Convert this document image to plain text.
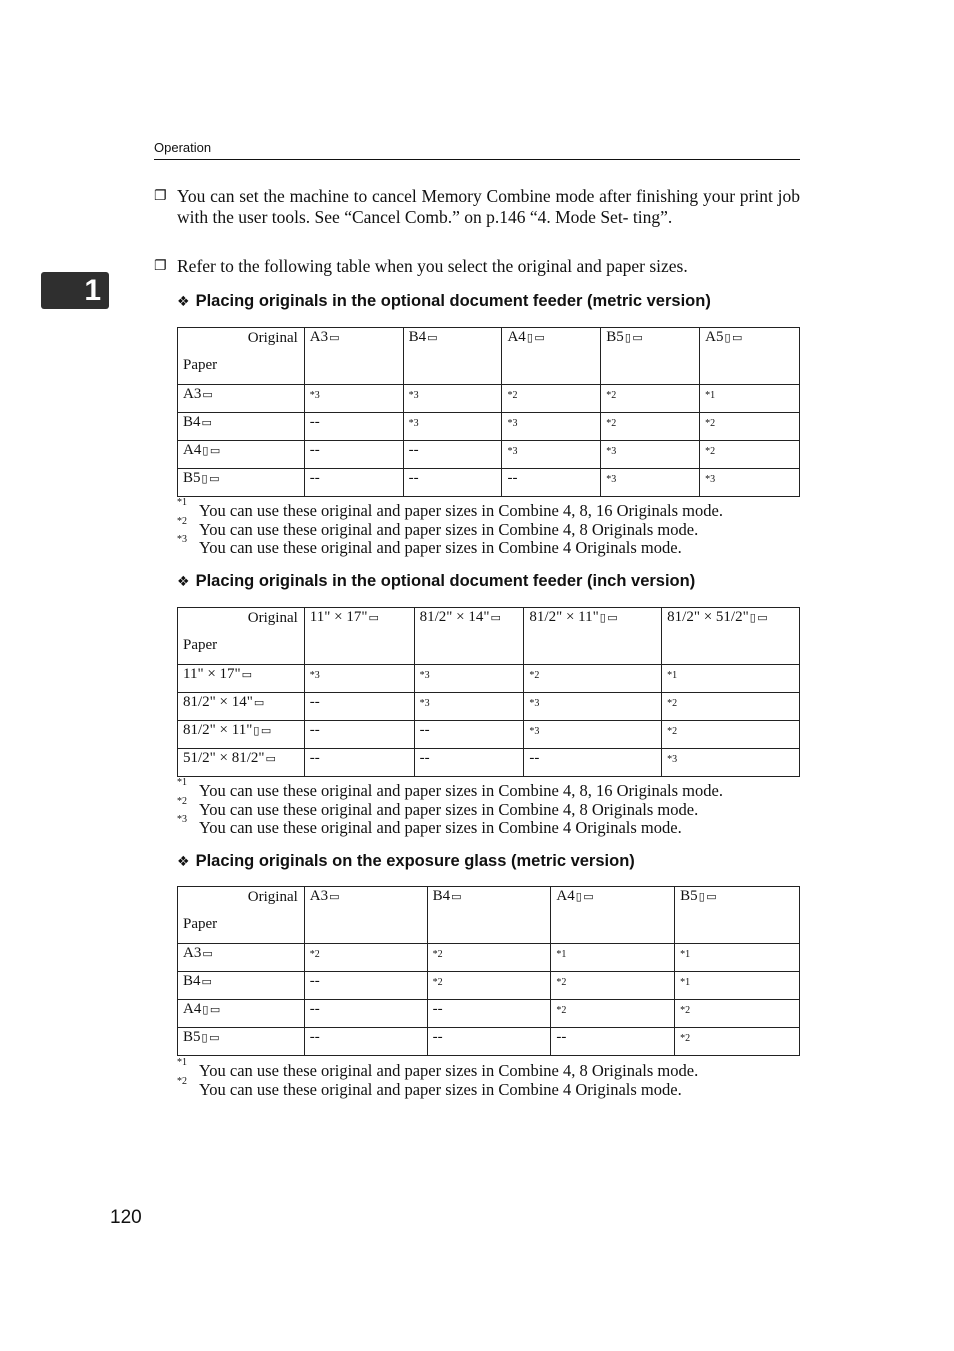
Operation
1
❐ You can set the machine to cancel Memory Combine mode after finishing your print job with the user tools. See “Cancel Comb.” on p.146 “4. Mode Set- ting”.

❐ Refer to the following table when you select the original and paper sizes.

❖ Placing originals in the optional document feeder (metric version)
Original
Paper	A3▭	B4▭	A4▯ ▭	B5▯ ▭	A5▯ ▭
A3▭	*3	*3	*2	*2	*1
B4▭	--	*3	*3	*2	*2
A4▯ ▭	--	--	*3	*3	*2
B5▯ ▭	--	--	--	*3	*3
*1 You can use these original and paper sizes in Combine 4, 8, 16 Originals mode.
*2 You can use these original and paper sizes in Combine 4, 8 Originals mode.
*3 You can use these original and paper sizes in Combine 4 Originals mode.
❖ Placing originals in the optional document feeder (inch version)
Original
Paper	11" × 17"▭	81/2" × 14"▭	81/2" × 11"▯ ▭	81/2" × 51/2"▯ ▭
11" × 17"▭	*3	*3	*2	*1
81/2" × 14"▭	--	*3	*3	*2
81/2" × 11"▯ ▭	--	--	*3	*2
51/2" × 81/2"▭	--	--	--	*3
*1 You can use these original and paper sizes in Combine 4, 8, 16 Originals mode.
*2 You can use these original and paper sizes in Combine 4, 8 Originals mode.
*3 You can use these original and paper sizes in Combine 4 Originals mode.
❖ Placing originals on the exposure glass (metric version)
Original
Paper	A3▭	B4▭	A4▯ ▭	B5▯ ▭
A3▭	*2	*2	*1	*1
B4▭	--	*2	*2	*1
A4▯ ▭	--	--	*2	*2
B5▯ ▭	--	--	--	*2
*1 You can use these original and paper sizes in Combine 4, 8 Originals mode.
*2 You can use these original and paper sizes in Combine 4 Originals mode.
120
